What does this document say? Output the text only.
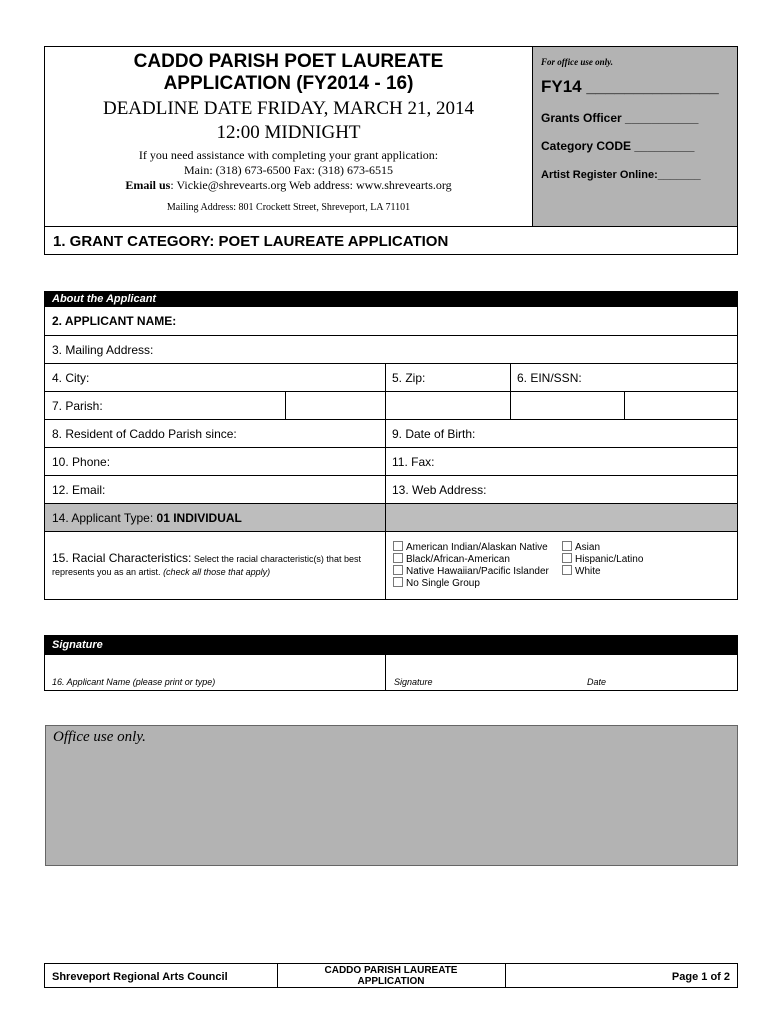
CADDO PARISH POET LAUREATE
APPLICATION (FY2014 - 16)
DEADLINE DATE FRIDAY, MARCH 21, 2014
12:00 MIDNIGHT
If you need assistance with completing your grant application:
Main: (318) 673-6500 Fax: (318) 673-6515
Email us: Vickie@shrevearts.org Web address: www.shrevearts.org
Mailing Address: 801 Crockett Street, Shreveport, LA 71101
For office use only.
FY14 ______________
Grants Officer ___________
Category CODE _________
Artist Register Online:_______
1. GRANT CATEGORY: POET LAUREATE APPLICATION
About the Applicant
2. APPLICANT NAME:
3. Mailing Address:
4. City:	5. Zip:	6. EIN/SSN:
7. Parish:
8. Resident of Caddo Parish since:	9. Date of Birth:
10. Phone:	11. Fax:
12. Email:	13. Web Address:
14. Applicant Type: 01 INDIVIDUAL
15. Racial Characteristics: Select the racial characteristic(s) that best represents you as an artist. (check all those that apply)
American Indian/Alaskan Native
Black/African-American
Native Hawaiian/Pacific Islander
No Single Group
Asian
Hispanic/Latino
White
Signature
16. Applicant Name (please print or type)	Signature	Date
Office use only.
Shreveport Regional Arts Council
CADDO PARISH LAUREATE
APPLICATION	Page 1 of 2
